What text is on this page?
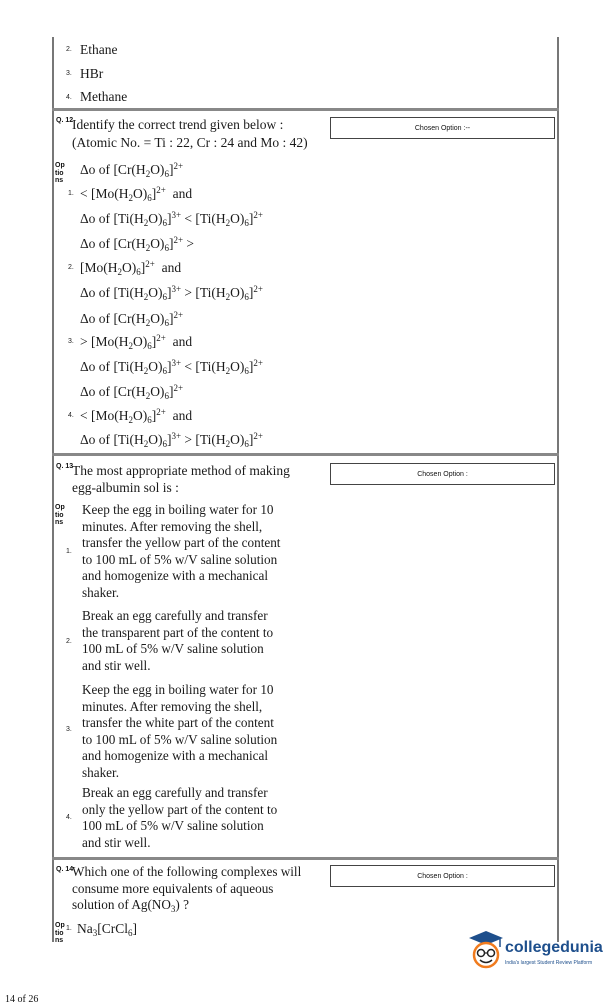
2. Ethane
3. HBr
4. Methane
Q. 12
Identify the correct trend given below :
(Atomic No. = Ti : 22, Cr : 24 and Mo : 42)
Chosen Option :--
Op tio ns
Δo of $[Cr(H_2O)_6]^{2+}$
1. < $[Mo(H_2O)_6]^{2+}$ and
Δo of $[Ti(H_2O)_6]^{3+} < [Ti(H_2O)_6]^{2+}$
Δo of $[Cr(H_2O)_6]^{2+}$ >
2. $[Mo(H_2O)_6]^{2+}$ and
Δo of $[Ti(H_2O)_6]^{3+} > [Ti(H_2O)_6]^{2+}$
Δo of $[Cr(H_2O)_6]^{2+}$
3. > $[Mo(H_2O)_6]^{2+}$ and
Δo of $[Ti(H_2O)_6]^{3+} < [Ti(H_2O)_6]^{2+}$
Δo of $[Cr(H_2O)_6]^{2+}$
4. < $[Mo(H_2O)_6]^{2+}$ and
Δo of $[Ti(H_2O)_6]^{3+} > [Ti(H_2O)_6]^{2+}$
Q. 13
The most appropriate method of making
egg-albumin sol is :
Chosen Option :
Op tio ns
1.
Keep the egg in boiling water for 10
minutes. After removing the shell,
transfer the yellow part of the content
to 100 mL of 5% w/V saline solution
and homogenize with a mechanical
shaker.
2.
Break an egg carefully and transfer
the transparent part of the content to
100 mL of 5% w/V saline solution
and stir well.
3.
Keep the egg in boiling water for 10
minutes. After removing the shell,
transfer the white part of the content
to 100 mL of 5% w/V saline solution
and homogenize with a mechanical
shaker.
4.
Break an egg carefully and transfer
only the yellow part of the content to
100 mL of 5% w/V saline solution
and stir well.
Q. 14
Which one of the following complexes will
consume more equivalents of aqueous
solution of $Ag(NO_3)$ ?
Chosen Option :
Op tio ns
1. $Na_3[CrCl_6]$
collegedunia
India's largest Student Review Platform
14 of 26
